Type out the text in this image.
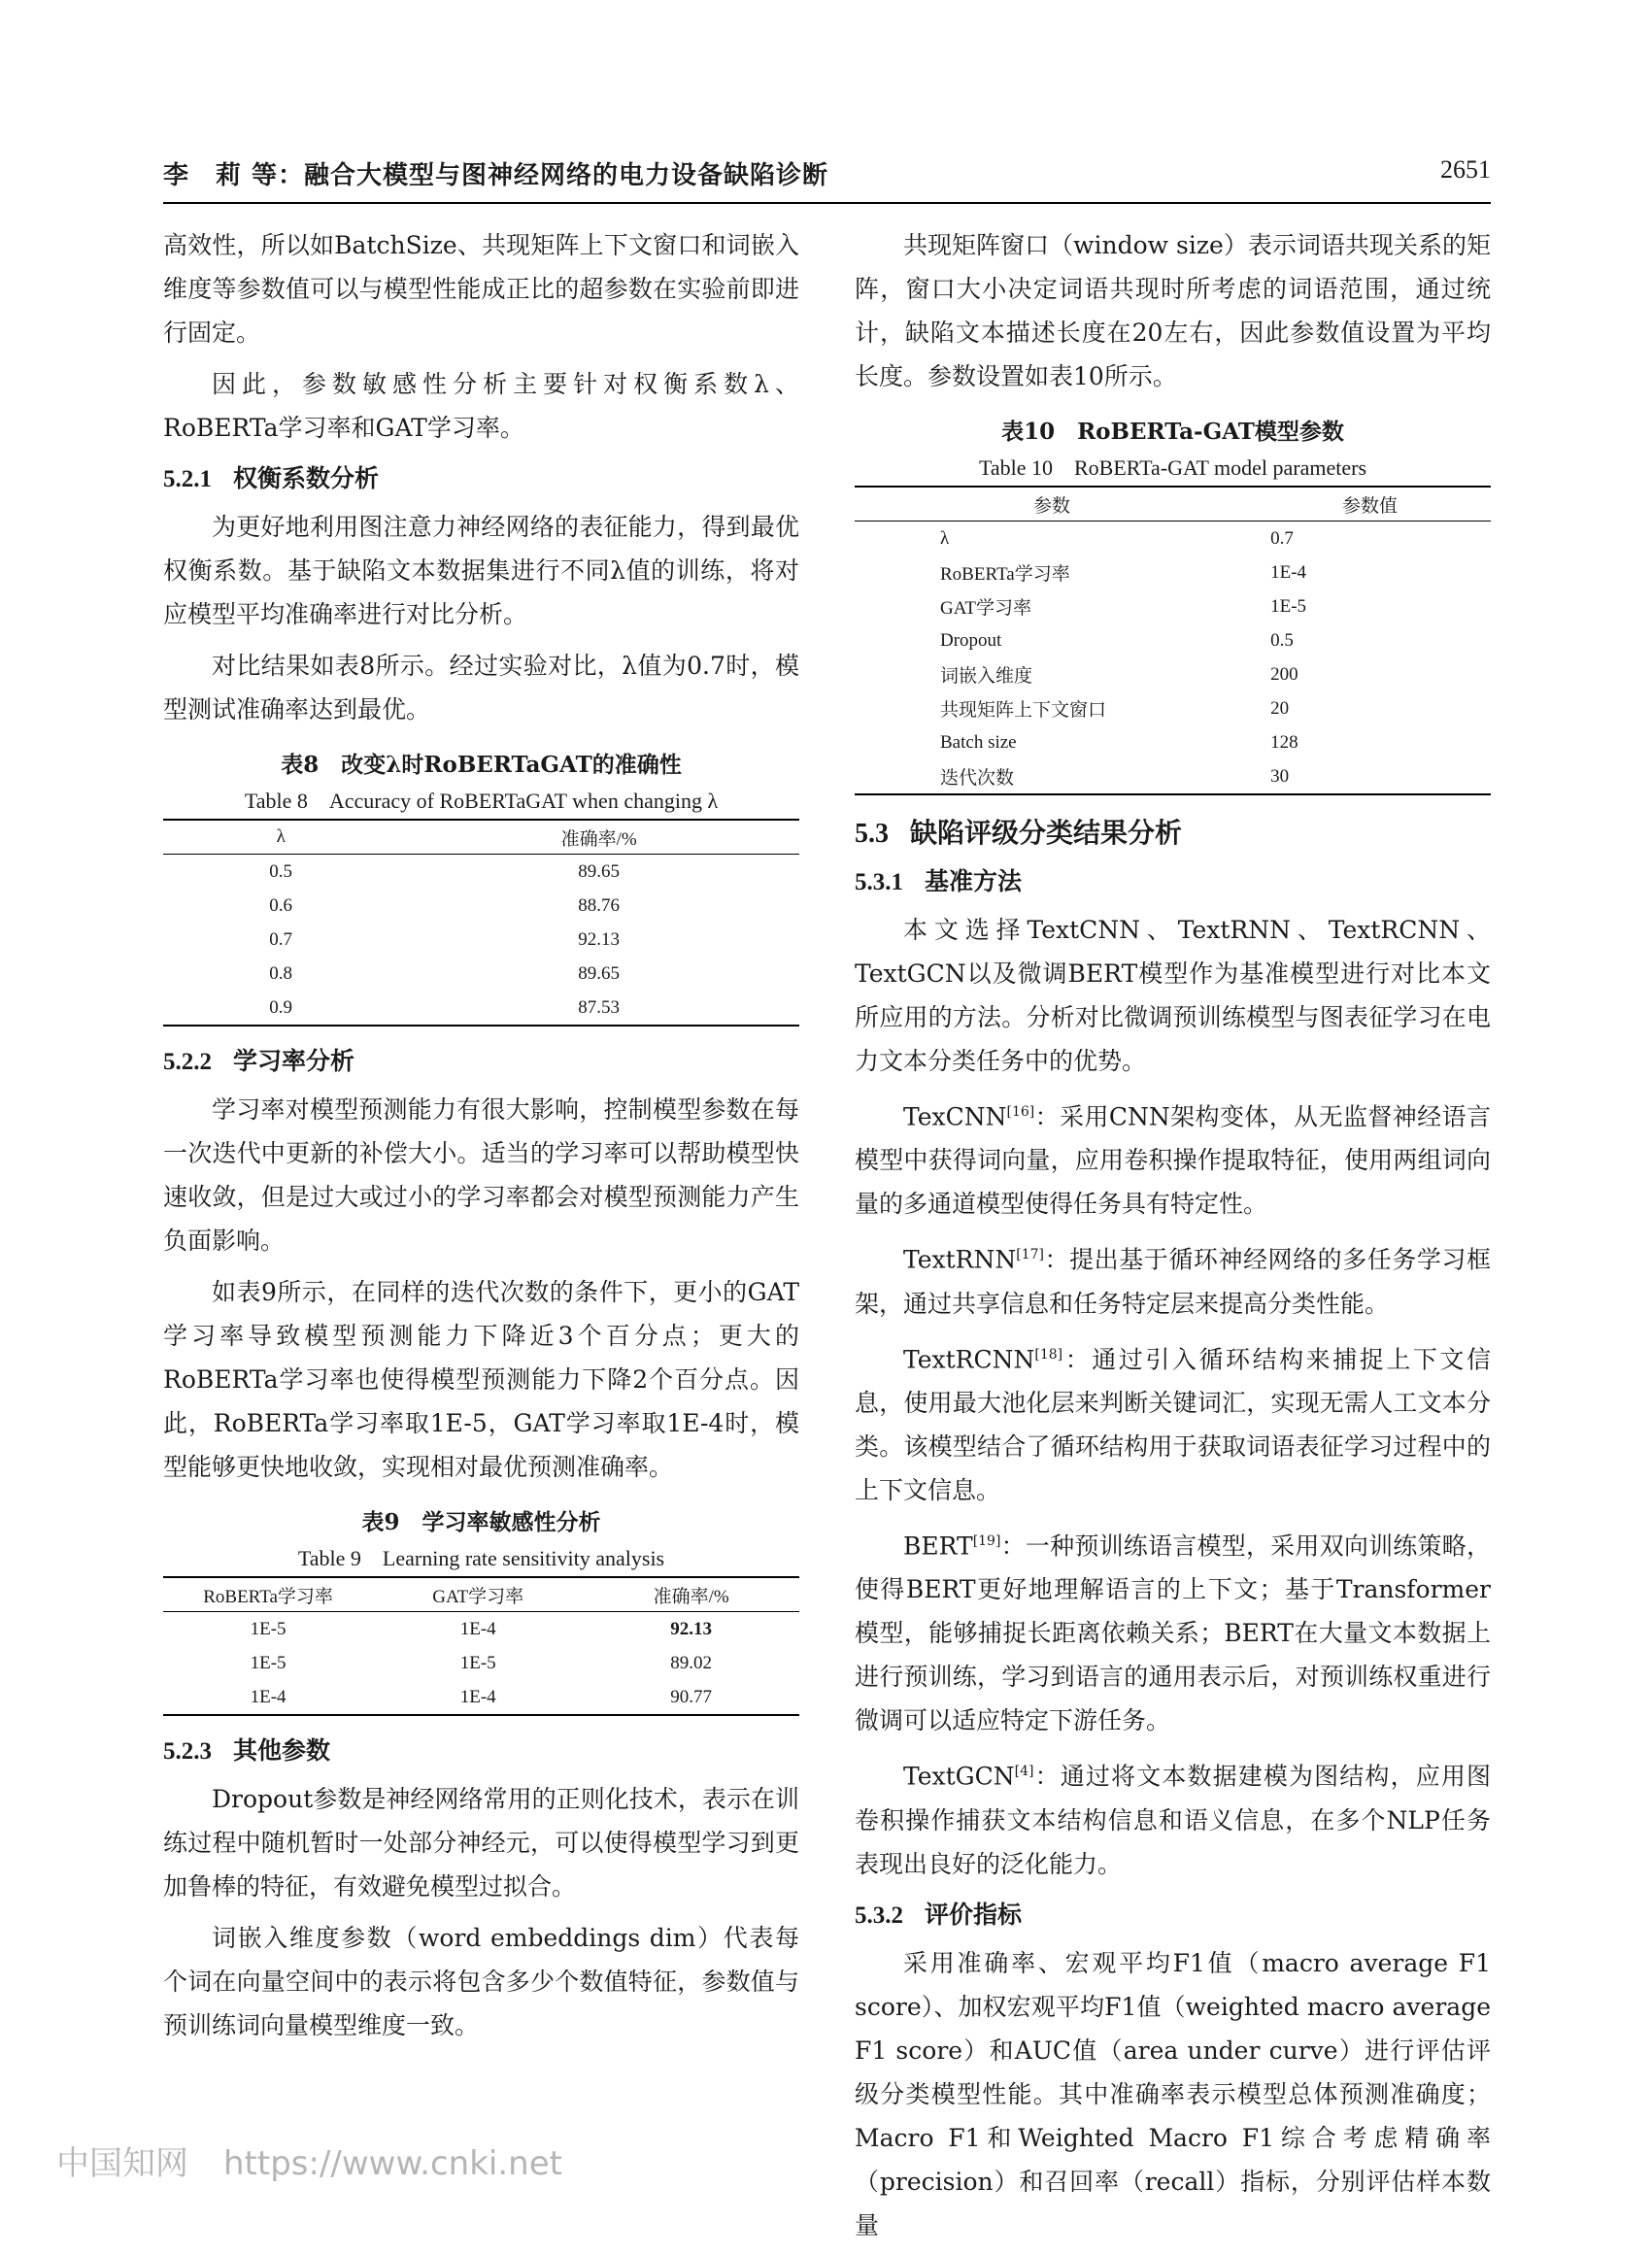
李　莉 等：融合大模型与图神经网络的电力设备缺陷诊断	2651

高效性，所以如BatchSize、共现矩阵上下文窗口和词嵌入维度等参数值可以与模型性能成正比的超参数在实验前即进行固定。

因此，参数敏感性分析主要针对权衡系数λ、RoBERTa学习率和GAT学习率。

5.2.1 权衡系数分析

为更好地利用图注意力神经网络的表征能力，得到最优权衡系数。基于缺陷文本数据集进行不同λ值的训练，将对应模型平均准确率进行对比分析。

对比结果如表8所示。经过实验对比，λ值为0.7时，模型测试准确率达到最优。

表8　改变λ时RoBERTaGAT的准确性
Table 8　Accuracy of RoBERTaGAT when changing λ
λ	准确率/%
0.5	89.65
0.6	88.76
0.7	92.13
0.8	89.65
0.9	87.53
5.2.2 学习率分析

学习率对模型预测能力有很大影响，控制模型参数在每一次迭代中更新的补偿大小。适当的学习率可以帮助模型快速收敛，但是过大或过小的学习率都会对模型预测能力产生负面影响。

如表9所示，在同样的迭代次数的条件下，更小的GAT学习率导致模型预测能力下降近3个百分点；更大的RoBERTa学习率也使得模型预测能力下降2个百分点。因此，RoBERTa学习率取1E-5，GAT学习率取1E-4时，模型能够更快地收敛，实现相对最优预测准确率。

表9　学习率敏感性分析
Table 9　Learning rate sensitivity analysis
RoBERTa学习率	GAT学习率	准确率/%
1E-5	1E-4	92.13
1E-5	1E-5	89.02
1E-4	1E-4	90.77
5.2.3 其他参数

Dropout参数是神经网络常用的正则化技术，表示在训练过程中随机暂时一处部分神经元，可以使得模型学习到更加鲁棒的特征，有效避免模型过拟合。

词嵌入维度参数（word embeddings dim）代表每个词在向量空间中的表示将包含多少个数值特征，参数值与预训练词向量模型维度一致。

共现矩阵窗口（window size）表示词语共现关系的矩阵，窗口大小决定词语共现时所考虑的词语范围，通过统计，缺陷文本描述长度在20左右，因此参数值设置为平均长度。参数设置如表10所示。

表10　RoBERTa-GAT模型参数
Table 10　RoBERTa-GAT model parameters
参数	参数值
λ	0.7
RoBERTa学习率	1E-4
GAT学习率	1E-5
Dropout	0.5
词嵌入维度	200
共现矩阵上下文窗口	20
Batch size	128
迭代次数	30
5.3 缺陷评级分类结果分析
5.3.1 基准方法

本文选择TextCNN、TextRNN、TextRCNN、TextGCN以及微调BERT模型作为基准模型进行对比本文所应用的方法。分析对比微调预训练模型与图表征学习在电力文本分类任务中的优势。

TexCNN[16]：采用CNN架构变体，从无监督神经语言模型中获得词向量，应用卷积操作提取特征，使用两组词向量的多通道模型使得任务具有特定性。

TextRNN[17]：提出基于循环神经网络的多任务学习框架，通过共享信息和任务特定层来提高分类性能。

TextRCNN[18]：通过引入循环结构来捕捉上下文信息，使用最大池化层来判断关键词汇，实现无需人工文本分类。该模型结合了循环结构用于获取词语表征学习过程中的上下文信息。

BERT[19]：一种预训练语言模型，采用双向训练策略，使得BERT更好地理解语言的上下文；基于Transformer模型，能够捕捉长距离依赖关系；BERT在大量文本数据上进行预训练，学习到语言的通用表示后，对预训练权重进行微调可以适应特定下游任务。

TextGCN[4]：通过将文本数据建模为图结构，应用图卷积操作捕获文本结构信息和语义信息，在多个NLP任务表现出良好的泛化能力。

5.3.2 评价指标

采用准确率、宏观平均F1值（macro average F1 score）、加权宏观平均F1值（weighted macro average F1 score）和AUC值（area under curve）进行评估评级分类模型性能。其中准确率表示模型总体预测准确度；Macro F1和Weighted Macro F1综合考虑精确率（precision）和召回率（recall）指标，分别评估样本数量

中国知网 https://www.cnki.net
